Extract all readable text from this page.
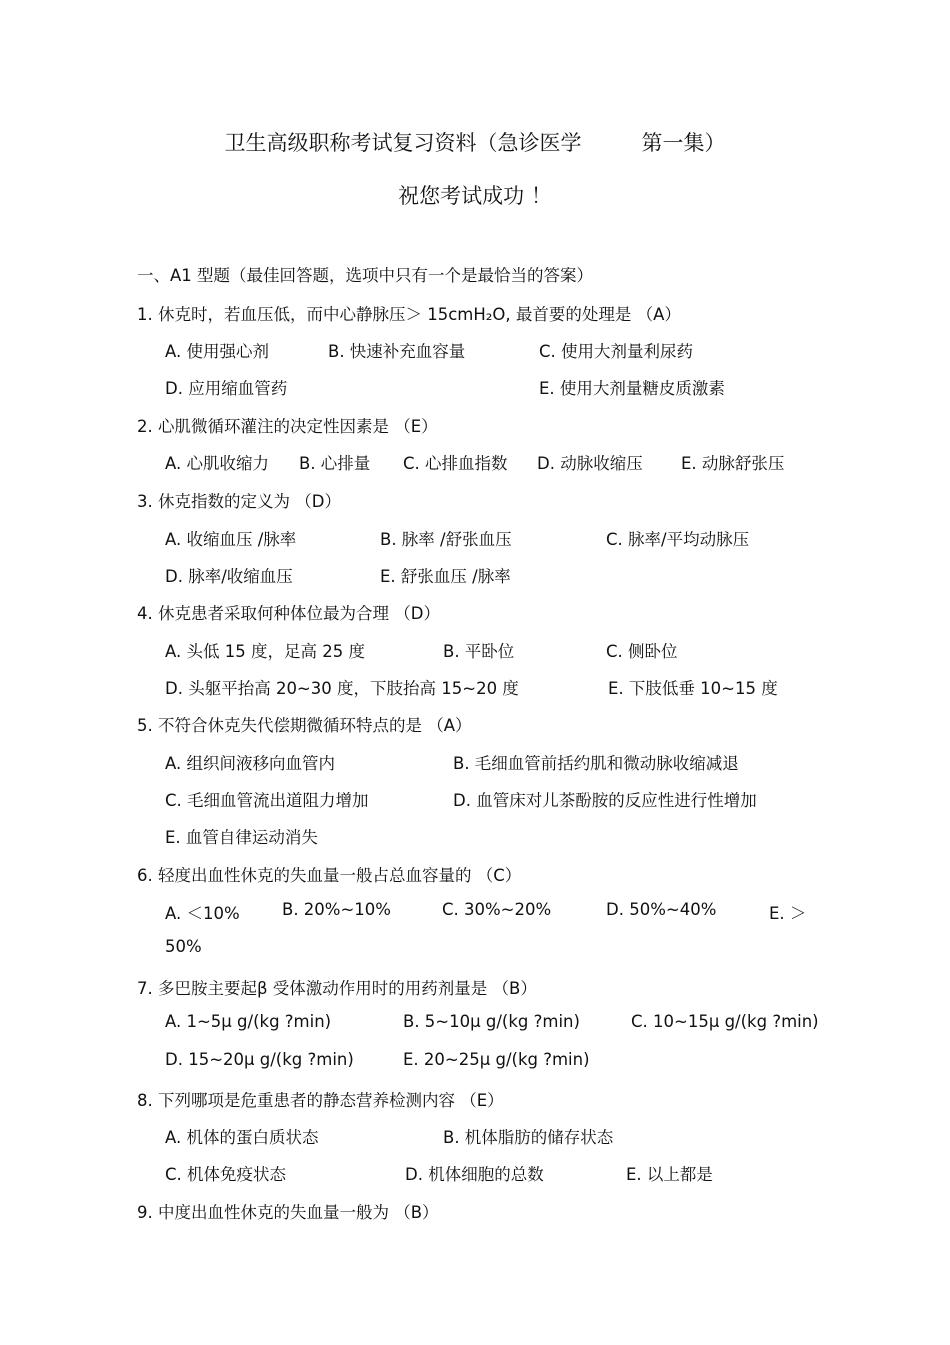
卫生高级职称考试复习资料（急诊医学	第一集）
祝您考试成功 ！
一、A1 型题（最佳回答题，选项中只有一个是最恰当的答案）
1. 休克时，若血压低，而中心静脉压＞ 15cmH₂O, 最首要的处理是 （A）
A. 使用强心剂	B. 快速补充血容量	C. 使用大剂量利尿药
D. 应用缩血管药	E. 使用大剂量糖皮质激素
2. 心肌微循环灌注的决定性因素是 （E）
A. 心肌收缩力 B. 心排量 C. 心排血指数 D. 动脉收缩压 E. 动脉舒张压
3. 休克指数的定义为 （D）
A. 收缩血压 /脉率	B. 脉率 /舒张血压	C. 脉率/平均动脉压
D. 脉率/收缩血压	E. 舒张血压 /脉率
4. 休克患者采取何种体位最为合理 （D）
A. 头低 15 度，足高 25 度	B. 平卧位	C. 侧卧位
D. 头躯平抬高 20~30 度，下肢抬高 15~20 度	E. 下肢低垂 10~15 度
5. 不符合休克失代偿期微循环特点的是 （A）
A. 组织间液移向血管内	B. 毛细血管前括约肌和微动脉收缩减退
C. 毛细血管流出道阻力增加	D. 血管床对儿茶酚胺的反应性进行性增加
E. 血管自律运动消失
6. 轻度出血性休克的失血量一般占总血容量的 （C）
A. ＜10%	B. 20%~10%	C. 30%~20%	D. 50%~40%	E. ＞
50%
7. 多巴胺主要起β 受体激动作用时的用药剂量是 （B）
A. 1~5μ g/(kg ?min)	B. 5~10μ g/(kg ?min)	C. 10~15μ g/(kg ?min)
D. 15~20μ g/(kg ?min)	E. 20~25μ g/(kg ?min)
8. 下列哪项是危重患者的静态营养检测内容 （E）
A. 机体的蛋白质状态	B. 机体脂肪的储存状态
C. 机体免疫状态	D. 机体细胞的总数	E. 以上都是
9. 中度出血性休克的失血量一般为 （B）
